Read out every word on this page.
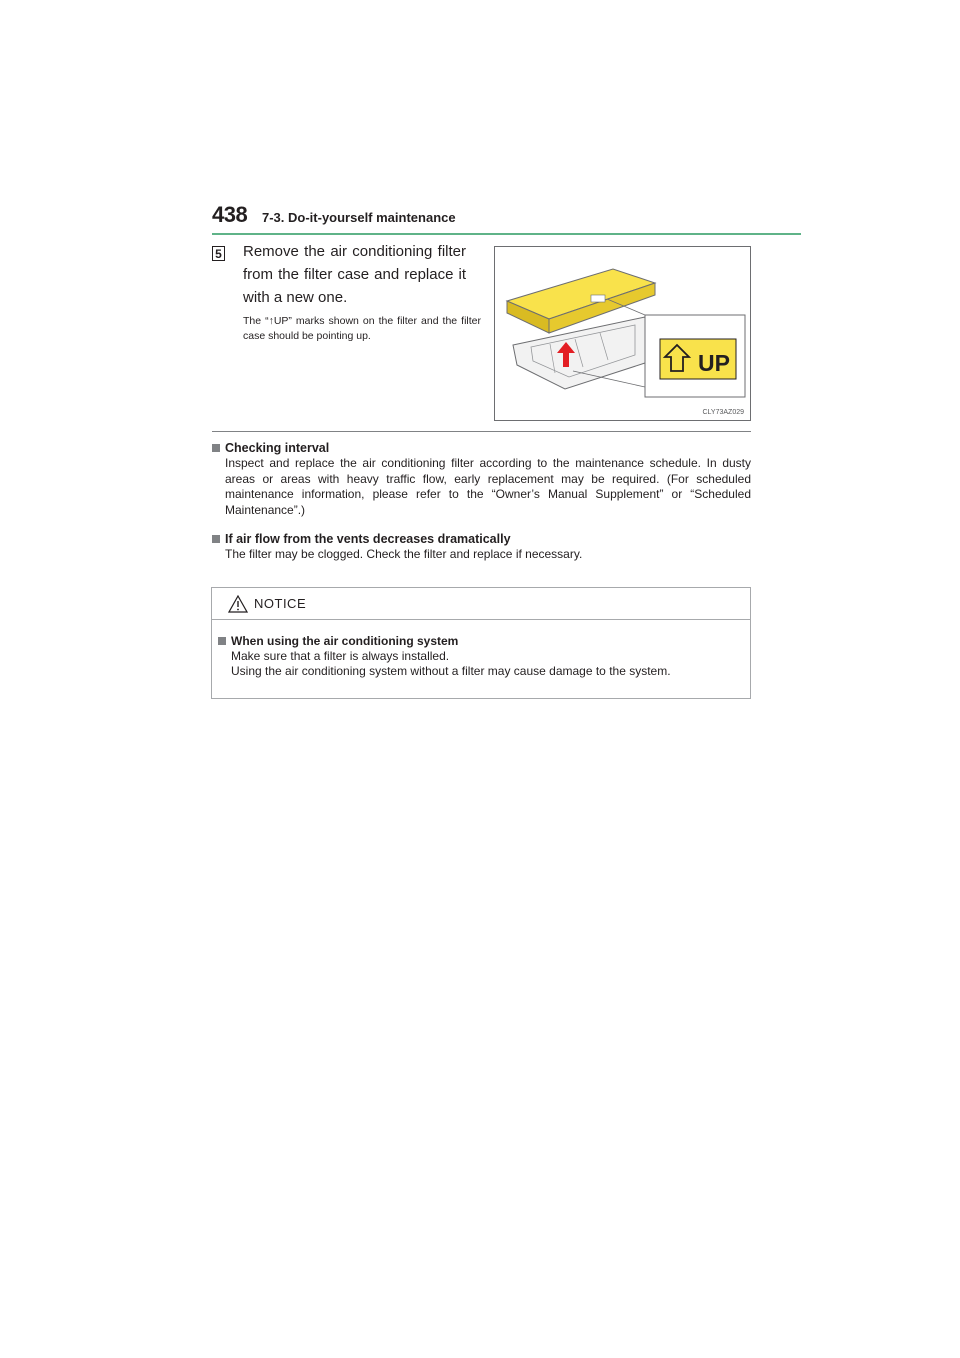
438 7-3. Do-it-yourself maintenance
5 Remove the air conditioning filter from the filter case and replace it with a new one.
The “↑UP” marks shown on the filter and the filter case should be pointing up.
UP
CLY73AZ029
Checking interval
Inspect and replace the air conditioning filter according to the maintenance schedule. In dusty areas or areas with heavy traffic flow, early replacement may be required. (For scheduled maintenance information, please refer to the “Owner’s Manual Supplement” or “Scheduled Maintenance”.)
If air flow from the vents decreases dramatically
The filter may be clogged. Check the filter and replace if necessary.
NOTICE
When using the air conditioning system
Make sure that a filter is always installed.
Using the air conditioning system without a filter may cause damage to the system.
